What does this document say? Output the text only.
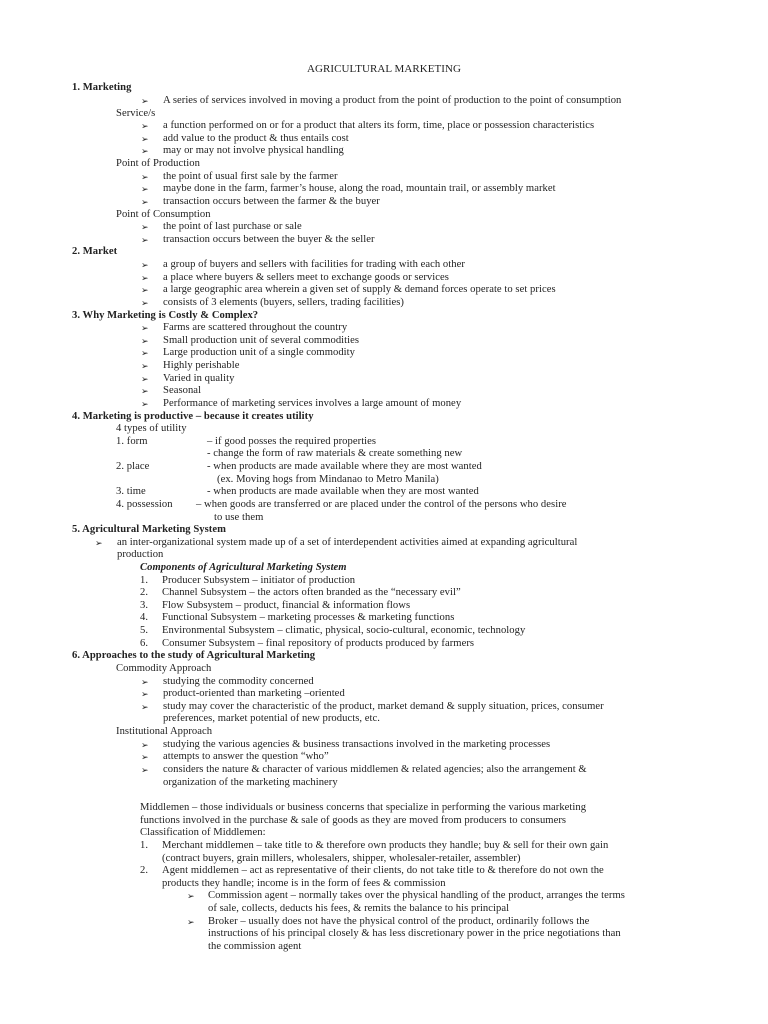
AGRICULTURAL MARKETING
1. Marketing
➢ A series of services involved in moving a product from the point of production to the point of consumption
Service/s
➢ a function performed on or for a product that alters its form, time, place or possession characteristics
➢ add value to the product & thus entails cost
➢ may or may not involve physical handling
Point of Production
➢ the point of usual first sale by the farmer
➢ maybe done in the farm, farmer’s house, along the road, mountain trail, or assembly market
➢ transaction occurs between the farmer & the buyer
Point of Consumption
➢ the point of last purchase or sale
➢ transaction occurs between the buyer & the seller
2. Market
➢ a group of buyers and sellers with facilities for trading with each other
➢ a place where buyers & sellers meet to exchange goods or services
➢ a large geographic area wherein a given set of supply & demand forces operate to set prices
➢ consists of 3 elements (buyers, sellers, trading facilities)
3. Why Marketing is Costly & Complex?
➢ Farms are scattered throughout the country
➢ Small production unit of several commodities
➢ Large production unit of a single commodity
➢ Highly perishable
➢ Varied in quality
➢ Seasonal
➢ Performance of marketing services involves a large amount of money
4. Marketing is productive – because it creates utility
4 types of utility
1. form	– if good posses the required properties
- change the form of raw materials & create something new
2. place	- when products are made available where they are most wanted
(ex. Moving hogs from Mindanao to Metro Manila)
3. time	- when products are made available when they are most wanted
4. possession – when goods are transferred or are placed under the control of the persons who desire
to use them
5. Agricultural Marketing System
➢ an inter-organizational system made up of a set of interdependent activities aimed at expanding agricultural
production
Components of Agricultural Marketing System
1. Producer Subsystem – initiator of production
2. Channel Subsystem – the actors often branded as the “necessary evil”
3. Flow Subsystem – product, financial & information flows
4. Functional Subsystem – marketing processes & marketing functions
5. Environmental Subsystem – climatic, physical, socio-cultural, economic, technology
6. Consumer Subsystem – final repository of products produced by farmers
6. Approaches to the study of Agricultural Marketing
Commodity Approach
➢ studying the commodity concerned
➢ product-oriented than marketing –oriented
➢ study may cover the characteristic of the product, market demand & supply situation, prices, consumer
preferences, market potential of new products, etc.
Institutional Approach
➢ studying the various agencies & business transactions involved in the marketing processes
➢ attempts to answer the question “who”
➢ considers the nature & character of various middlemen & related agencies; also the arrangement &
organization of the marketing machinery
Middlemen – those individuals or business concerns that specialize in performing the various marketing
functions involved in the purchase & sale of goods as they are moved from producers to consumers
Classification of Middlemen:
1. Merchant middlemen – take title to & therefore own products they handle; buy & sell for their own gain
(contract buyers, grain millers, wholesalers, shipper, wholesaler-retailer, assembler)
2. Agent middlemen – act as representative of their clients, do not take title to & therefore do not own the
products they handle; income is in the form of fees & commission
➢ Commission agent – normally takes over the physical handling of the product, arranges the terms
of sale, collects, deducts his fees, & remits the balance to his principal
➢ Broker – usually does not have the physical control of the product, ordinarily follows the
instructions of his principal closely & has less discretionary power in the price negotiations than
the commission agent
